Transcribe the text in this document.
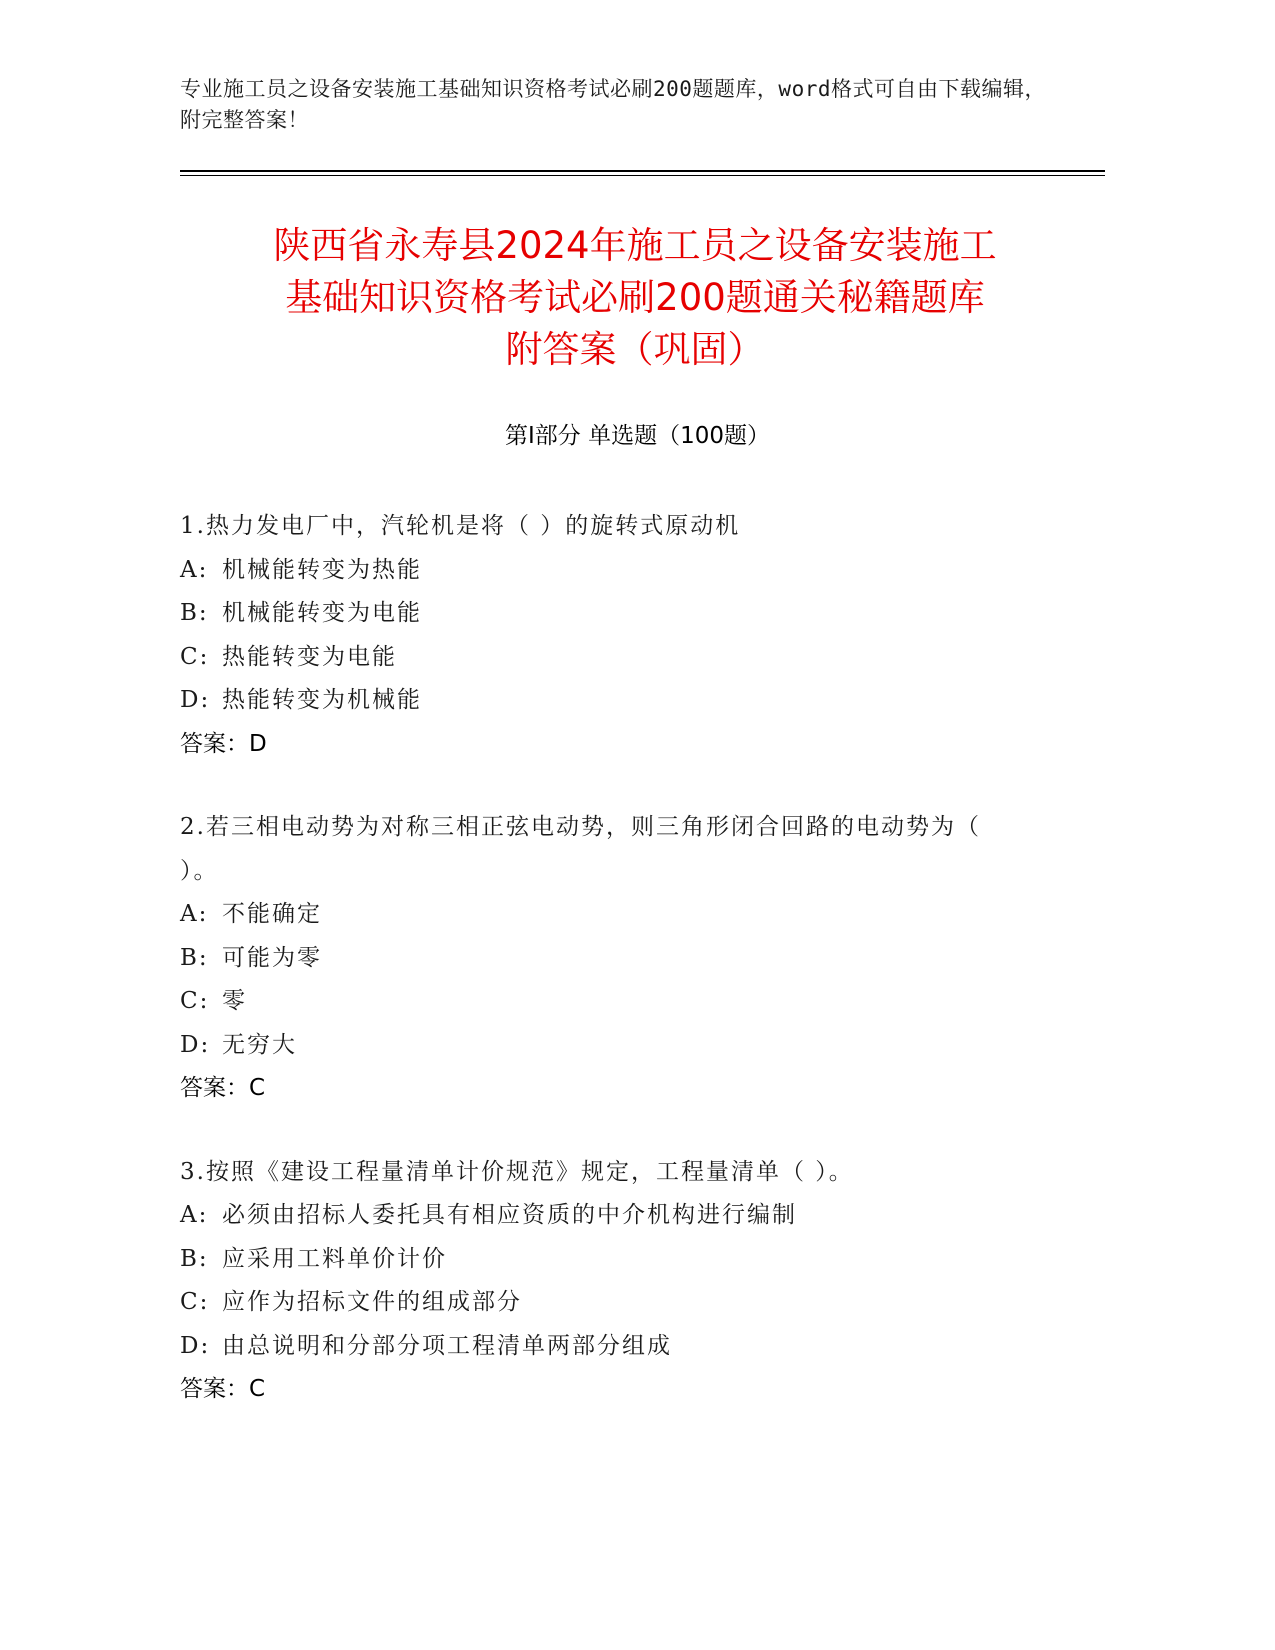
专业施工员之设备安装施工基础知识资格考试必刷200题题库，word格式可自由下载编辑，附完整答案！
陕西省永寿县2024年施工员之设备安装施工
基础知识资格考试必刷200题通关秘籍题库
附答案（巩固）
第Ⅰ部分 单选题（100题）
1.热力发电厂中，汽轮机是将（ ）的旋转式原动机
A: 机械能转变为热能
B: 机械能转变为电能
C: 热能转变为电能
D: 热能转变为机械能
答案：D
2.若三相电动势为对称三相正弦电动势，则三角形闭合回路的电动势为（ ）。
A: 不能确定
B: 可能为零
C: 零
D: 无穷大
答案：C
3.按照《建设工程量清单计价规范》规定，工程量清单（ ）。
A: 必须由招标人委托具有相应资质的中介机构进行编制
B: 应采用工料单价计价
C: 应作为招标文件的组成部分
D: 由总说明和分部分项工程清单两部分组成
答案：C
